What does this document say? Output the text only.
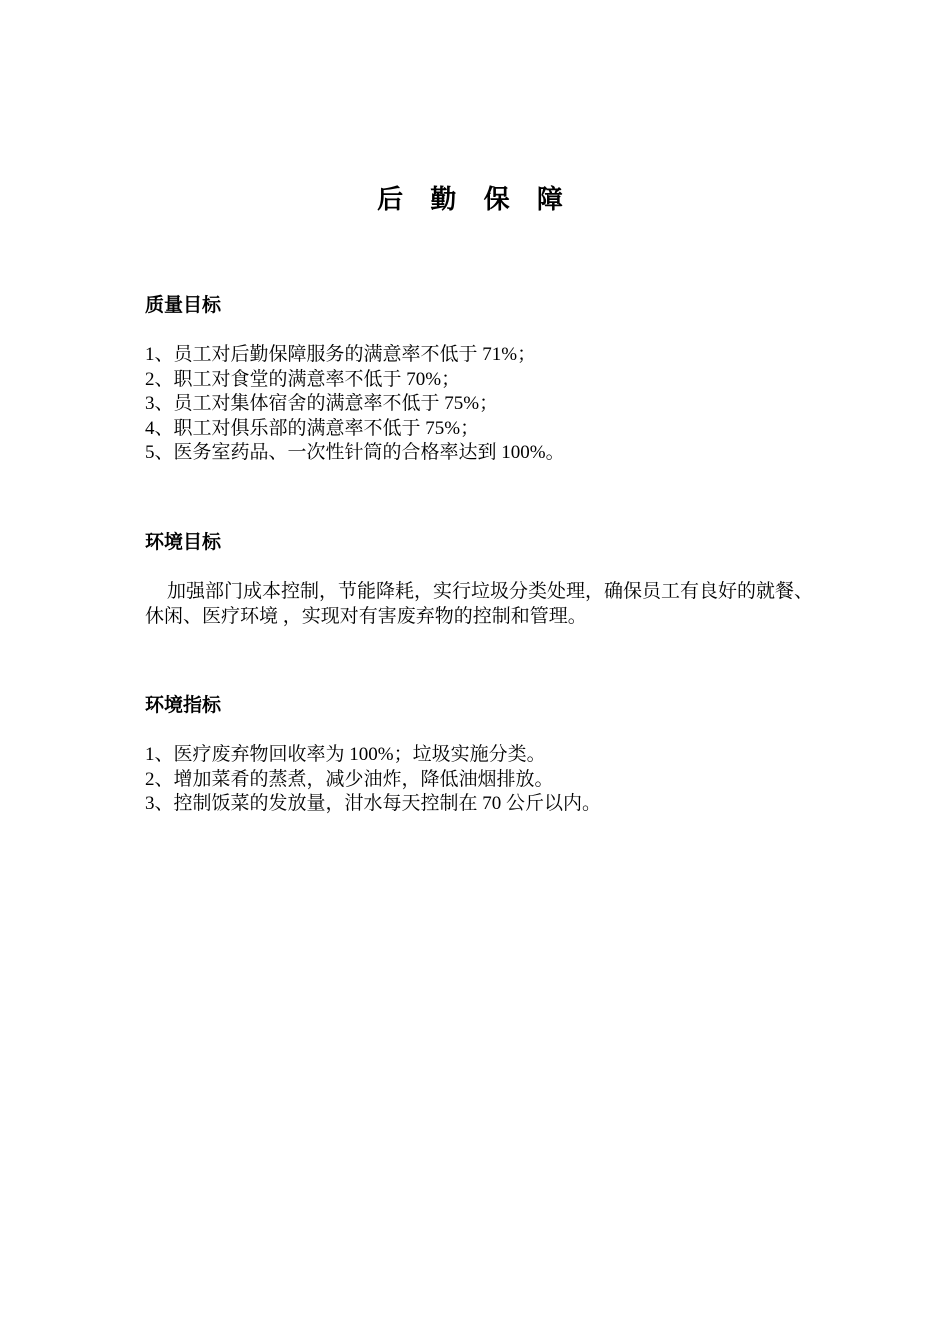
后 勤 保 障
质量目标
1、员工对后勤保障服务的满意率不低于 71%；
2、职工对食堂的满意率不低于 70%；
3、员工对集体宿舍的满意率不低于 75%；
4、职工对俱乐部的满意率不低于 75%；
5、医务室药品、一次性针筒的合格率达到 100%。
环境目标

加强部门成本控制，节能降耗，实行垃圾分类处理，确保员工有良好的就餐、休闲、医疗环境 ，实现对有害废弃物的控制和管理。

环境指标
1、医疗废弃物回收率为 100%；垃圾实施分类。
2、增加菜肴的蒸煮，减少油炸，降低油烟排放。
3、控制饭菜的发放量，泔水每天控制在 70 公斤以内。
